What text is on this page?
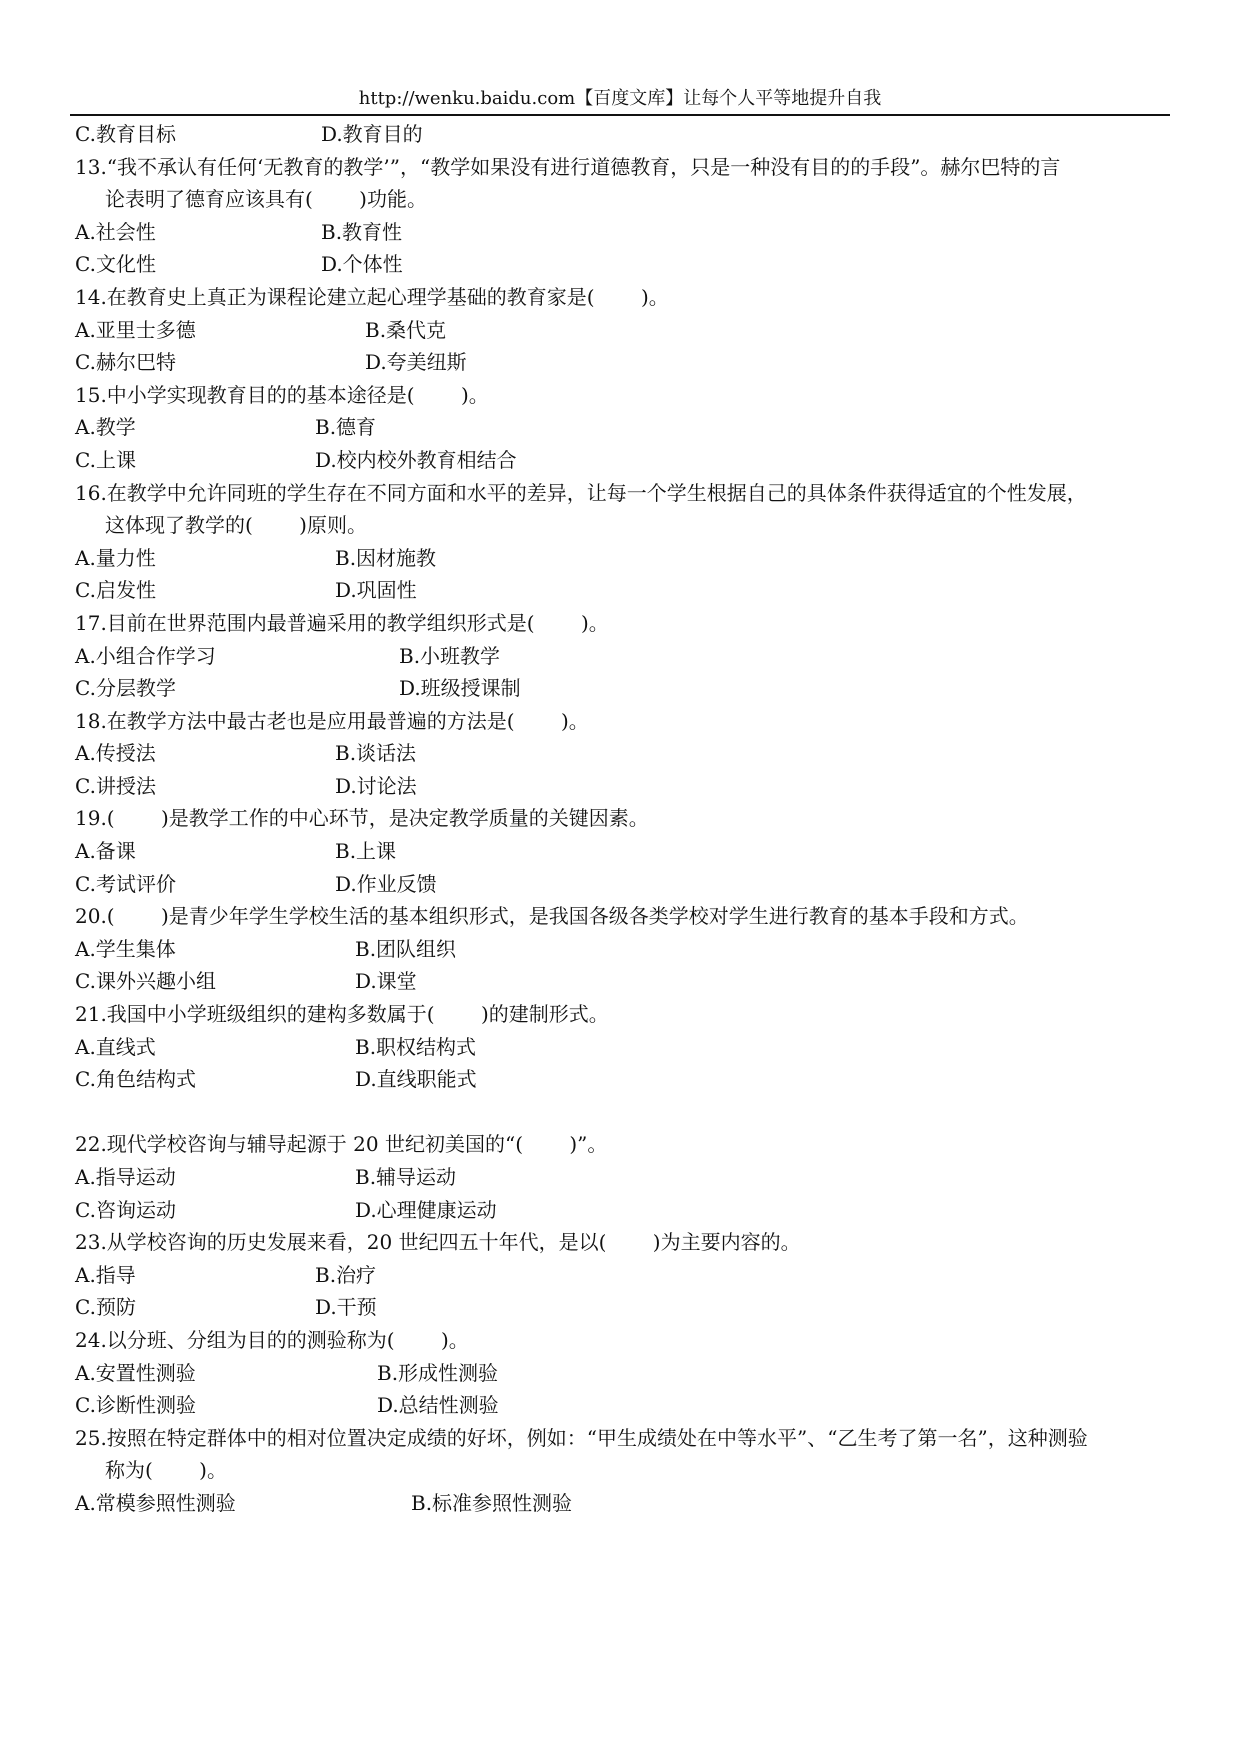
http://wenku.baidu.com【百度文库】让每个人平等地提升自我
C.教育目标	D.教育目的
13.“我不承认有任何‘无教育的教学’”，“教学如果没有进行道德教育，只是一种没有目的的手段”。赫尔巴特的言
论表明了德育应该具有(　　 )功能。
A.社会性	B.教育性
C.文化性	D.个体性
14.在教育史上真正为课程论建立起心理学基础的教育家是(　　 )。
A.亚里士多德	B.桑代克
C.赫尔巴特	D.夸美纽斯
15.中小学实现教育目的的基本途径是(　　 )。
A.教学	B.德育
C.上课	D.校内校外教育相结合
16.在教学中允许同班的学生存在不同方面和水平的差异，让每一个学生根据自己的具体条件获得适宜的个性发展，
这体现了教学的(　　 )原则。
A.量力性	B.因材施教
C.启发性	D.巩固性
17.目前在世界范围内最普遍采用的教学组织形式是(　　 )。
A.小组合作学习	B.小班教学
C.分层教学	D.班级授课制
18.在教学方法中最古老也是应用最普遍的方法是(　　 )。
A.传授法	B.谈话法
C.讲授法	D.讨论法
19.(　　 )是教学工作的中心环节，是决定教学质量的关键因素。
A.备课	B.上课
C.考试评价	D.作业反馈
20.(　　 )是青少年学生学校生活的基本组织形式，是我国各级各类学校对学生进行教育的基本手段和方式。
A.学生集体	B.团队组织
C.课外兴趣小组	D.课堂
21.我国中小学班级组织的建构多数属于(　　 )的建制形式。
A.直线式	B.职权结构式
C.角色结构式	D.直线职能式
22.现代学校咨询与辅导起源于 20 世纪初美国的“(　　 )”。
A.指导运动	B.辅导运动
C.咨询运动	D.心理健康运动
23.从学校咨询的历史发展来看，20 世纪四五十年代，是以(　　 )为主要内容的。
A.指导	B.治疗
C.预防	D.干预
24.以分班、分组为目的的测验称为(　　 )。
A.安置性测验	B.形成性测验
C.诊断性测验	D.总结性测验
25.按照在特定群体中的相对位置决定成绩的好坏，例如：“甲生成绩处在中等水平”、“乙生考了第一名”，这种测验
称为(　　 )。
A.常模参照性测验	B.标准参照性测验
